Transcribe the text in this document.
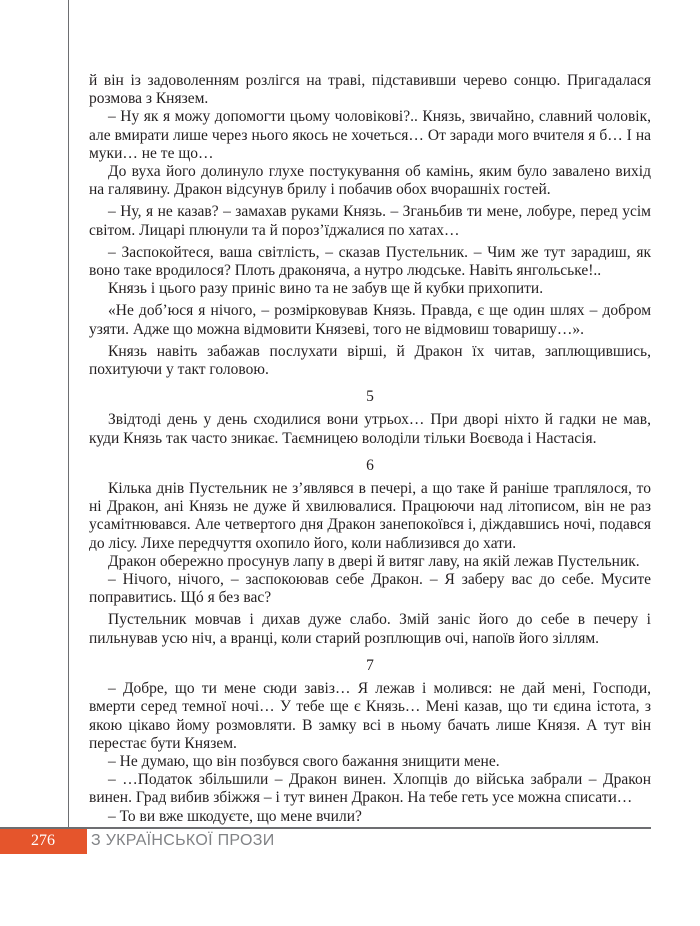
й він із задоволенням розлігся на траві, підставивши черево сонцю. Пригадалася розмова з Князем.

– Ну як я можу допомогти цьому чоловікові?.. Князь, звичайно, славний чоловік, але вмирати лише через нього якось не хочеться… От заради мого вчителя я б… І на муки… не те що…

До вуха його долинуло глухе постукування об камінь, яким було завалено вихід на галявину. Дракон відсунув брилу і побачив обох вчорашніх гостей.

– Ну, я не казав? – замахав руками Князь. – Зганьбив ти мене, лобуре, перед усім світом. Лицарі плюнули та й порозʼїджалися по хатах…

– Заспокойтеся, ваша світлість, – сказав Пустельник. – Чим же тут зарадиш, як воно таке вродилося? Плоть драконяча, а нутро людське. Навіть янгольське!..

Князь і цього разу приніс вино та не забув ще й кубки прихопити.

«Не добʼюся я нічого, – розмірковував Князь. Правда, є ще один шлях – добром узяти. Адже що можна відмовити Князеві, того не відмовиш товаришу…».

Князь навіть забажав послухати вірші, й Дракон їх читав, заплющившись, похитуючи у такт головою.

5

Звідтоді день у день сходилися вони утрьох… При дворі ніхто й гадки не мав, куди Князь так часто зникає. Таємницею володіли тільки Воєвода і Настасія.

6

Кілька днів Пустельник не зʼявлявся в печері, а що таке й раніше траплялося, то ні Дракон, ані Князь не дуже й хвилювалися. Працюючи над літописом, він не раз усамітнювався. Але четвертого дня Дракон занепокоївся і, діждавшись ночі, подався до лісу. Лихе передчуття охопило його, коли наблизився до хати.

Дракон обережно просунув лапу в двері й витяг лаву, на якій лежав Пустельник.

– Нічого, нічого, – заспокоював себе Дракон. – Я заберу вас до себе. Мусите поправитись. Щó я без вас?

Пустельник мовчав і дихав дуже слабо. Змій заніс його до себе в печеру і пильнував усю ніч, а вранці, коли старий розплющив очі, напоїв його зіллям.

7

– Добре, що ти мене сюди завіз… Я лежав і молився: не дай мені, Господи, вмерти серед темної ночі… У тебе ще є Князь… Мені казав, що ти єдина істота, з якою цікаво йому розмовляти. В замку всі в ньому бачать лише Князя. А тут він перестає бути Князем.

– Не думаю, що він позбувся свого бажання знищити мене.

– …Податок збільшили – Дракон винен. Хлопців до війська забрали – Дракон винен. Град вибив збіжжя – і тут винен Дракон. На тебе геть усе можна списати…

– То ви вже шкодуєте, що мене вчили?

276	З УКРАЇНСЬКОЇ ПРОЗИ
